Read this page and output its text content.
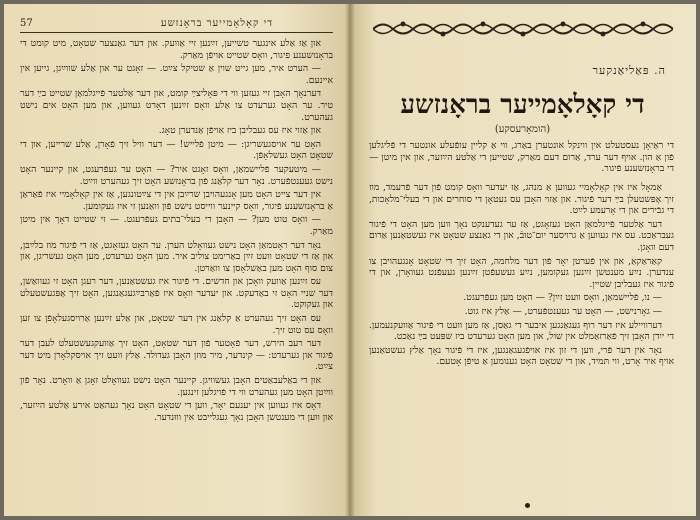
57	די קאָלאָמייער בראָנזשע

און אַז אַלע אינגער טשייען, זײַנען זיי אַוועק. און דער גאַנצער שטאָט, מיט קומט די בראָנזשענע פיגור, וואָס שטייט אויפֿן מאַרק.

— הערט איר, מען גייט שוין אַ שטיקל צײַט. — זאָגט ער און אַלע שווײַגן, גייען אין איינעם.

דערנאָך האָבן זיי געזען ווי די פּאָליצײַ קומט, און דער אַלטער פֿייגלמאַן שטייט בײַ דער טיר. ער האָט גערעדט צו אַלע וואָס זײַנען דאָרט געווען, און מען האָט אים נישט געהערט.

און אַזוי איז עס געבליבן ביז אויפֿן אַנדערן טאָג.

האָט ער אויסגעשריגן: — מיטן פֿלייש! — דער וויל זיך פֿאָרן, אַלע שרייען, און די שטאָט האָט געשלאָפֿן.

— מיטעקער פֿליישמאַן, וואָס זאָגט איר? — האָט ער געפֿרעגט, און קיינער האָט נישט געענטפֿערט. נאָר דער קלאַנג פֿון בראָנזשע האָט זיך געהערט ווײַט.

אין דער צייט האָט מען אָנגעהויבן שרײַבן אין די צײַטונגען, אַז אין קאָלאָמיי איז פֿאַראַן אַ בראָנזשענע פֿיגור, וואָס קיינער ווייסט נישט פֿון וואַנען זי איז געקומען.

— וואָס טוט מען? — האָבן די בעלי־בתים געפֿרעגט. — זי שטייט דאָך אין מיטן מאַרק.

נאָר דער ראָטמאַן האָט נישט געוואָלט הערן. ער האָט געזאָגט, אַז די פֿיגור מוז בלײַבן, און אַז די שטאָט וועט זײַן באַרימט צוליב איר. מען האָט גערעדט, מען האָט געשריגן, און צום סוף האָט מען באַשלאָסן צו וואַרטן.

עס זײַנען אַוועק וואָכן און חדשים. די פֿיגור איז געשטאַנען, דער רעגן האָט זי געוואַשן, דער שניי האָט זי באַדעקט. און יעדער וואָס איז פֿאַרבײַגעגאַנגען, האָט זיך אָפּגעשטעלט און געקוקט.

עס האָט זיך געהערט אַ קלאַנג אין דער שטאָט, און אַלע זײַנען אַרויסגעלאָפֿן צו זען וואָס עס טוט זיך.

דער רעב הירש, דער פֿאָטער פֿון דער שטאָט, האָט זיך אַוועקגעשטעלט לעבן דער פֿיגור און גערעדט: — קינדער, מיר מוזן האָבן געדולד. אַלץ וועט זיך אויסקלאָרן מיט דער צײַט.

און די באַלעבאַטים האָבן געשוויגן. קיינער האָט נישט געוואָלט זאָגן אַ וואָרט. נאָר פֿון ווײַטן האָט מען געהערט ווי די פֿויגלען זינגען.

דאָס איז געווען אין יענעם יאָר, ווען די שטאָט האָט נאָך געהאַט אירע אַלטע הײַזער, און ווען די מענטשן האָבן נאָך געגלייבט אין וווּנדער.

ה. פּאַליאַנקער
די קאָלאָמייער בראָנזשע
(הומאָרעסקע)
די ראַיאָן נעסטעלט אין ווינקל אונטערן באַרג, ווי אַ קליין עופֿעלע אונטער די פֿליגלען פֿון אַ הון. אויף דער ערד, אַרום דעם מאַרק, שטייען די אַלטע הײַזער, און אין מיטן — די בראָנזשענע פֿיגור.

אַמאָל איז אין קאָלאָמיי געווען אַ מנהג, אַז יעדער וואָס קומט פֿון דער פֿרעמד, מוז זיך אָפּשטעלן בײַ דער פֿיגור. און אַזוי האָבן עס געטאָן די סוחרים און די בעלי־מלאָכות, די גבֿירים און די אָרעמע לײַט.

דער אַלטער פֿייגלמאַן האָט געזאָגט, אַז ער געדענקט נאָך ווען מען האָט די פֿיגור געבראַכט. עס איז געווען אַ גרויסער יום־טובֿ, און די גאַנצע שטאָט איז געשטאַנען אַרום דעם וואָגן.

קאַראַקאַ, און אין פֿערטן יאָר פֿון דער מלחמה, האָט זיך די שטאָט אָנגעהויבן צו ענדערן. נײַע מענטשן זײַנען געקומען, נײַע געשעפֿטן זײַנען געעפֿנט געוואָרן, און די פֿיגור איז געבליבן שטיין.

— נו, פֿליישמאַן, וואָס וועט זײַן? — האָט מען געפֿרעגט.

— גאָרנישט, — האָט ער געענטפֿערט, — אַלץ איז גוט.

דערוויילע איז דער רוף געגאַנגען איבער די גאַסן, אַז מען וועט די פֿיגור אַוועקנעמען. די ייִדן האָבן זיך פֿאַרזאַמלט אין שול, און מען האָט גערעדט ביז שפּעט בײַ נאַכט.

נאָר אין דער פֿרי, ווען די זון איז אויפֿגעגאַנגען, איז די פֿיגור נאָך אַלץ געשטאַנען אויף איר אָרט, ווי תּמיד, און די שטאָט האָט גענומען אַ טיפֿן אָטעם.
